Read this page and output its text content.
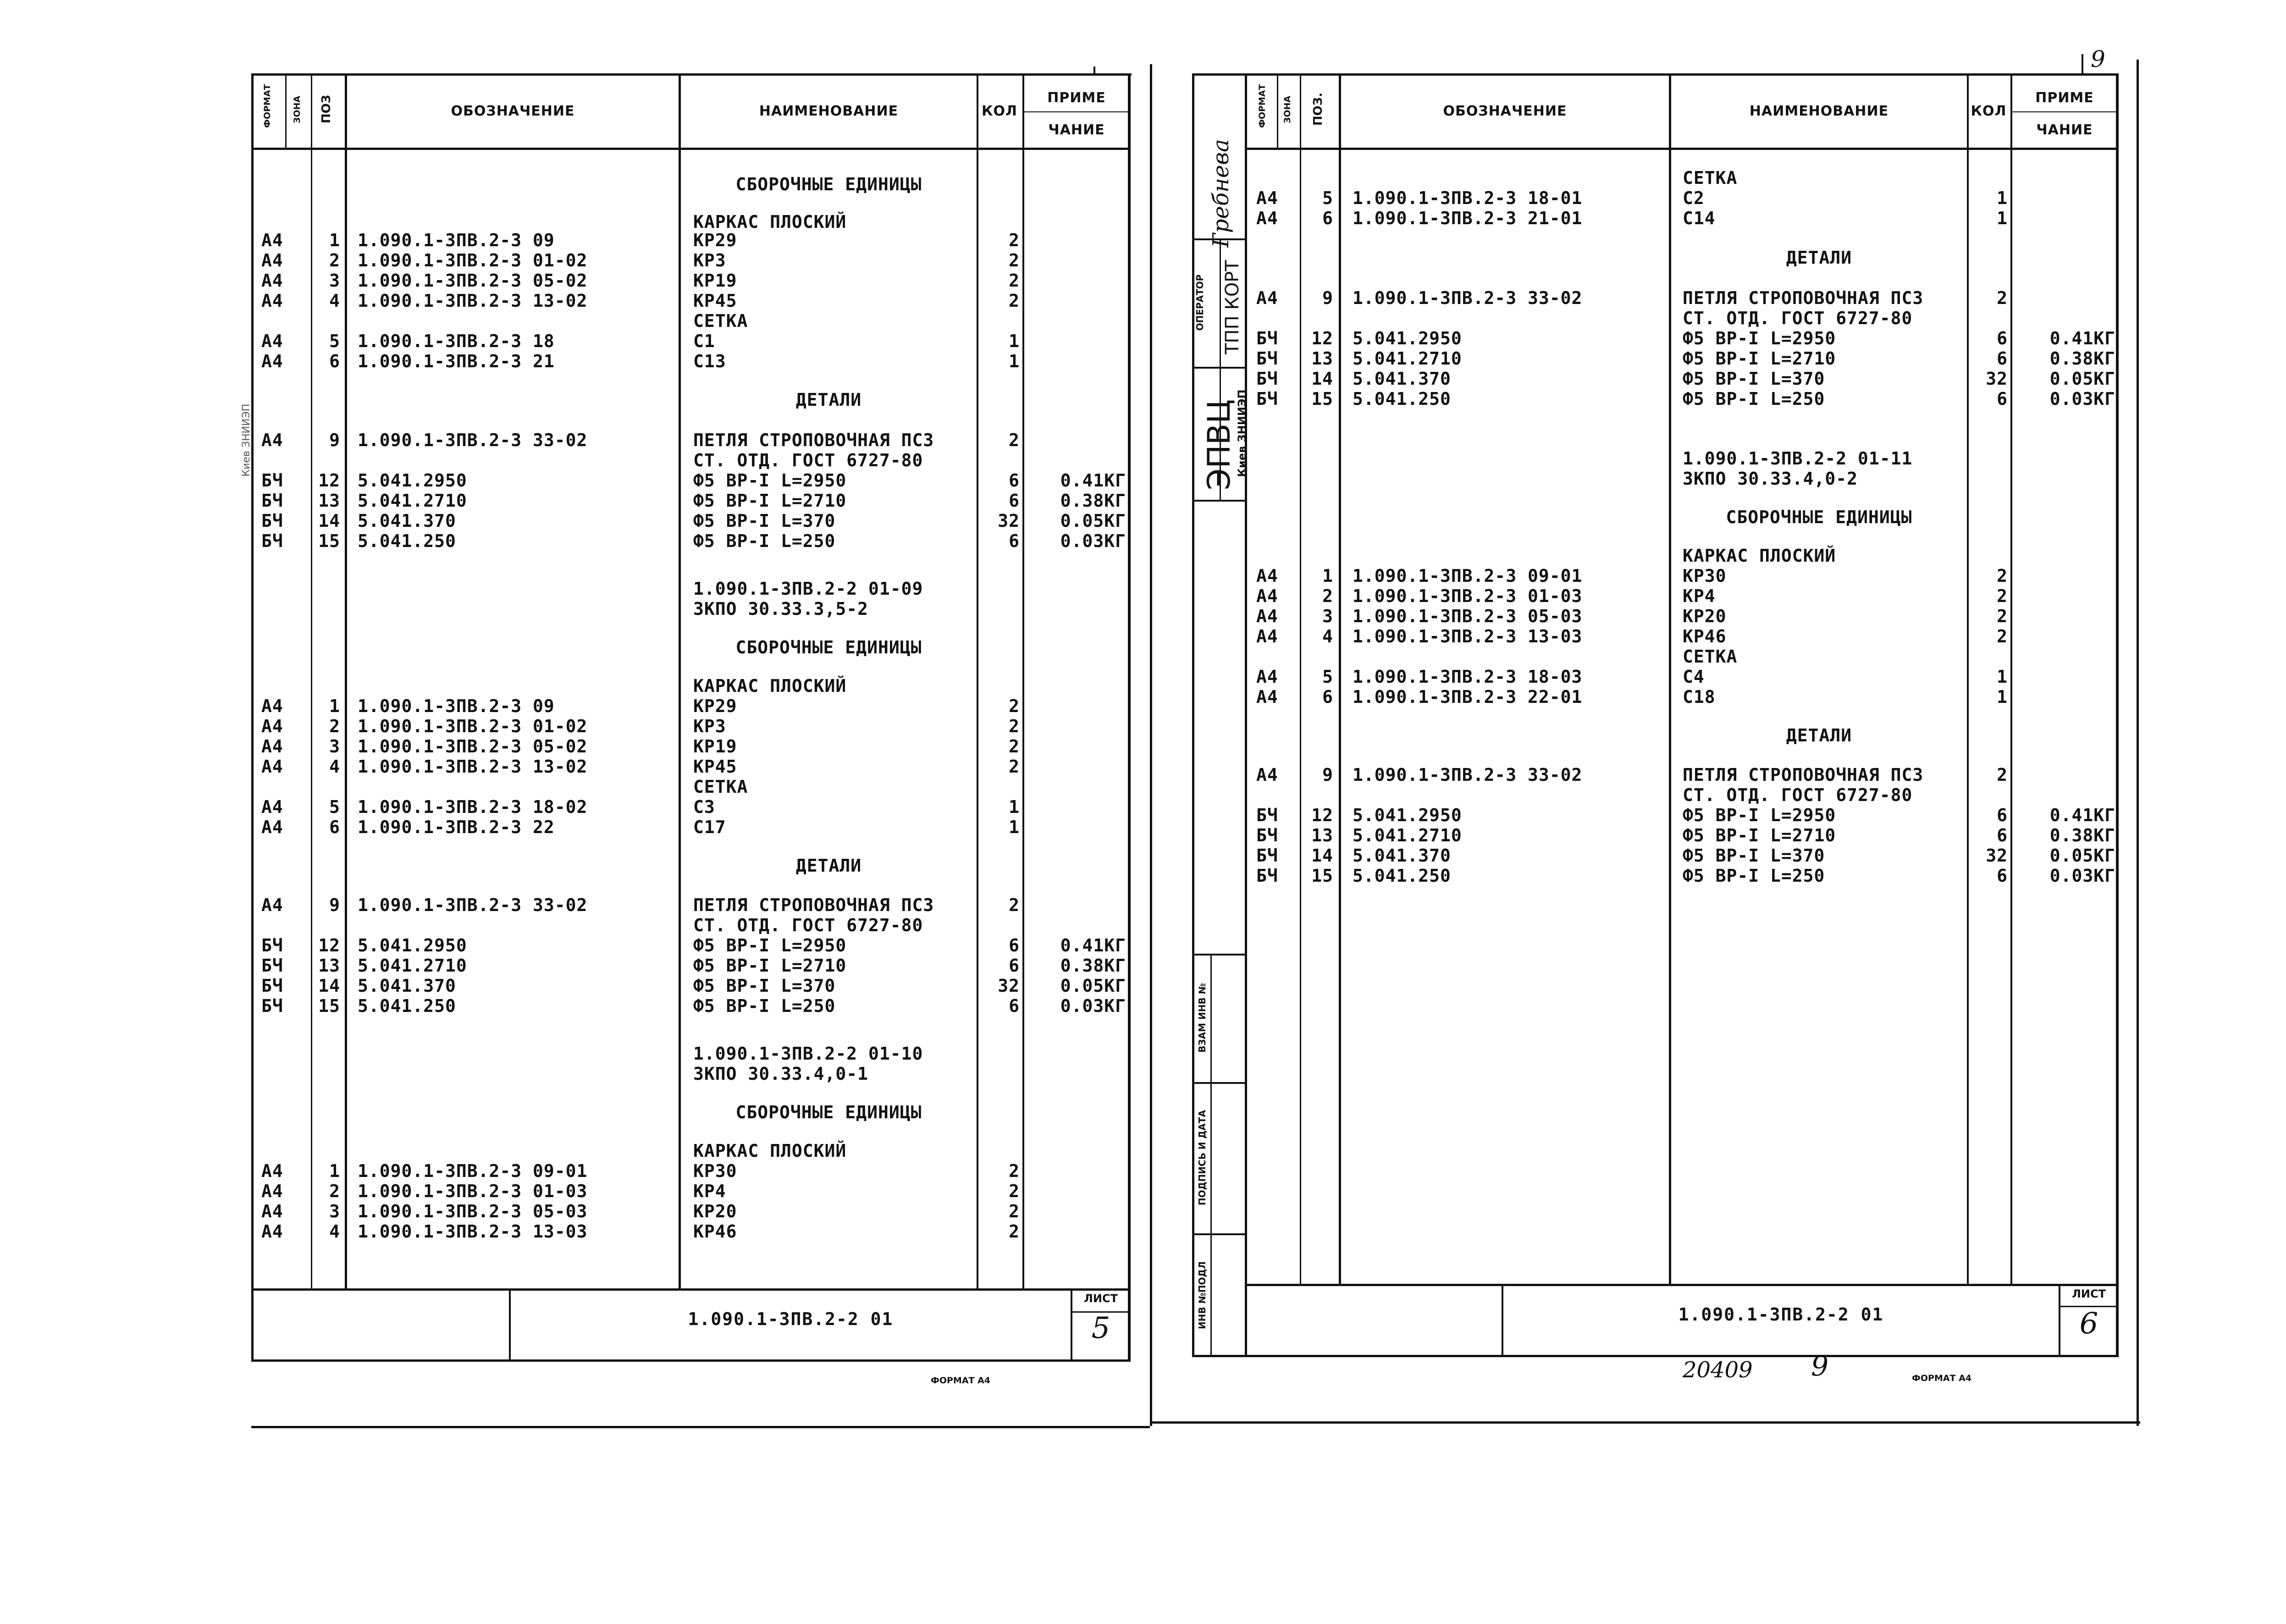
ФОРМАТ ЗОНА ПОЗ	ОБОЗНАЧЕНИЕ	НАИМЕНОВАНИЕ	КОЛ
ПРИМЕ
ЧАНИЕ
СБОРОЧНЫЕ ЕДИНИЦЫ
КАРКАС ПЛОСКИЙ
А4	1 1.090.1-3ПВ.2-3 09	КР29	2
А4	2 1.090.1-3ПВ.2-3 01-02	КР3	2
А4	3 1.090.1-3ПВ.2-3 05-02	КР19	2
А4	4 1.090.1-3ПВ.2-3 13-02	КР45	2
СЕТКА
А4	5 1.090.1-3ПВ.2-3 18	С1	1
А4	6 1.090.1-3ПВ.2-3 21	С13	1
ДЕТАЛИ
А4	9 1.090.1-3ПВ.2-3 33-02	ПЕТЛЯ СТРОПОВОЧНАЯ ПС3	2
СТ. ОТД. ГОСТ 6727-80
БЧ	12 5.041.2950	Ф5 ВР-I L=2950	6	0.41КГ
БЧ	13 5.041.2710	Ф5 ВР-I L=2710	6	0.38КГ
БЧ	14 5.041.370	Ф5 ВР-I L=370	32	0.05КГ
БЧ	15 5.041.250	Ф5 ВР-I L=250	6	0.03КГ
1.090.1-3ПВ.2-2 01-09
3КПО 30.33.3,5-2
СБОРОЧНЫЕ ЕДИНИЦЫ
КАРКАС ПЛОСКИЙ
А4	1 1.090.1-3ПВ.2-3 09	КР29	2
А4	2 1.090.1-3ПВ.2-3 01-02	КР3	2
А4	3 1.090.1-3ПВ.2-3 05-02	КР19	2
А4	4 1.090.1-3ПВ.2-3 13-02	КР45	2
СЕТКА
А4	5 1.090.1-3ПВ.2-3 18-02	С3	1
А4	6 1.090.1-3ПВ.2-3 22	С17	1
ДЕТАЛИ
А4	9 1.090.1-3ПВ.2-3 33-02	ПЕТЛЯ СТРОПОВОЧНАЯ ПС3	2
СТ. ОТД. ГОСТ 6727-80
БЧ	12 5.041.2950	Ф5 ВР-I L=2950	6	0.41КГ
БЧ	13 5.041.2710	Ф5 ВР-I L=2710	6	0.38КГ
БЧ	14 5.041.370	Ф5 ВР-I L=370	32	0.05КГ
БЧ	15 5.041.250	Ф5 ВР-I L=250	6	0.03КГ
1.090.1-3ПВ.2-2 01-10
3КПО 30.33.4,0-1
СБОРОЧНЫЕ ЕДИНИЦЫ
КАРКАС ПЛОСКИЙ
А4	1 1.090.1-3ПВ.2-3 09-01	КР30	2
А4	2 1.090.1-3ПВ.2-3 01-03	КР4	2
А4	3 1.090.1-3ПВ.2-3 05-03	КР20	2
А4	4 1.090.1-3ПВ.2-3 13-03	КР46	2
1.090.1-3ПВ.2-2 01
ЛИСТ
5
ФОРМАТ А4
Киев ЗНИИЭП
9
ФОРМАТ ЗОНА ПОЗ.	ОБОЗНАЧЕНИЕ	НАИМЕНОВАНИЕ	КОЛ
ПРИМЕ
ЧАНИЕ
СЕТКА
А4	5 1.090.1-3ПВ.2-3 18-01	С2	1
А4	6 1.090.1-3ПВ.2-3 21-01	С14	1
ДЕТАЛИ
А4	9 1.090.1-3ПВ.2-3 33-02	ПЕТЛЯ СТРОПОВОЧНАЯ ПС3	2
СТ. ОТД. ГОСТ 6727-80
БЧ	12 5.041.2950	Ф5 ВР-I L=2950	6	0.41КГ
БЧ	13 5.041.2710	Ф5 ВР-I L=2710	6	0.38КГ
БЧ	14 5.041.370	Ф5 ВР-I L=370	32	0.05КГ
БЧ	15 5.041.250	Ф5 ВР-I L=250	6	0.03КГ
1.090.1-3ПВ.2-2 01-11
3КПО 30.33.4,0-2
СБОРОЧНЫЕ ЕДИНИЦЫ
КАРКАС ПЛОСКИЙ
А4	1 1.090.1-3ПВ.2-3 09-01	КР30	2
А4	2 1.090.1-3ПВ.2-3 01-03	КР4	2
А4	3 1.090.1-3ПВ.2-3 05-03	КР20	2
А4	4 1.090.1-3ПВ.2-3 13-03	КР46	2
СЕТКА
А4	5 1.090.1-3ПВ.2-3 18-03	С4	1
А4	6 1.090.1-3ПВ.2-3 22-01	С18	1
ДЕТАЛИ
А4	9 1.090.1-3ПВ.2-3 33-02	ПЕТЛЯ СТРОПОВОЧНАЯ ПС3	2
СТ. ОТД. ГОСТ 6727-80
БЧ	12 5.041.2950	Ф5 ВР-I L=2950	6	0.41КГ
БЧ	13 5.041.2710	Ф5 ВР-I L=2710	6	0.38КГ
БЧ	14 5.041.370	Ф5 ВР-I L=370	32	0.05КГ
БЧ	15 5.041.250	Ф5 ВР-I L=250	6	0.03КГ
1.090.1-3ПВ.2-2 01
ЛИСТ
6
ФОРМАТ А4
20409 9
Гребнева
ОПЕРАТОР ТПП КОРТ
ЭПВЦ
Киев ЗНИИЭП
ВЗАМ ИНВ №
ПОДПИСЬ И ДАТА
ИНВ №ПОДЛ
